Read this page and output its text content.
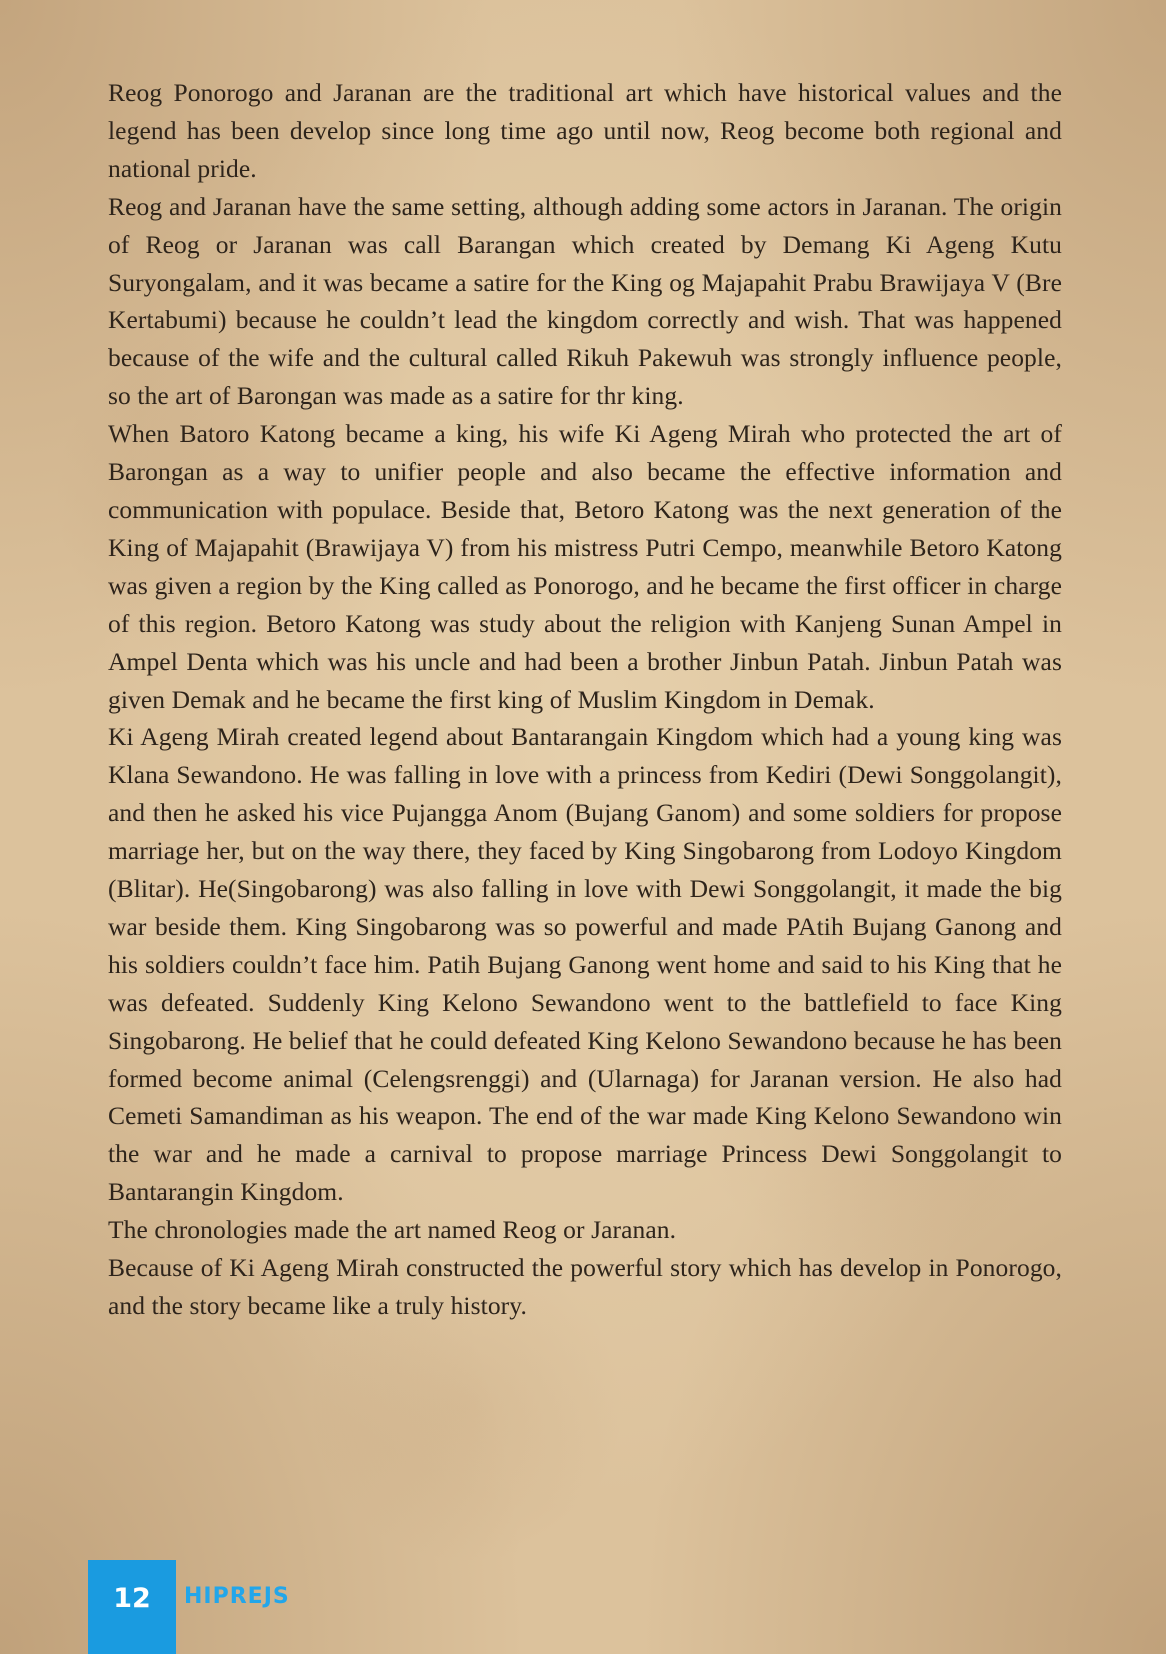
Reog Ponorogo and Jaranan are the traditional art which have historical values and the legend has been develop since long time ago until now, Reog become both regional and national pride.

Reog and Jaranan have the same setting, although adding some actors in Jaranan. The origin of Reog or Jaranan was call Barangan which created by Demang Ki Ageng Kutu Suryongalam, and it was became a satire for the King og Majapahit Prabu Brawijaya V (Bre Kertabumi) because he couldn’t lead the kingdom correctly and wish. That was happened because of the wife and the cultural called Rikuh Pakewuh was strongly influence people, so the art of Barongan was made as a satire for thr king.

When Batoro Katong became a king, his wife Ki Ageng Mirah who protected the art of Barongan as a way to unifier people and also became the effective information and communication with populace. Beside that, Betoro Katong was the next generation of the King of Majapahit (Brawijaya V) from his mistress Putri Cempo, meanwhile Betoro Katong was given a region by the King called as Ponorogo, and he became the first officer in charge of this region. Betoro Katong was study about the religion with Kanjeng Sunan Ampel in Ampel Denta which was his uncle and had been a brother Jinbun Patah. Jinbun Patah was given Demak and he became the first king of Muslim Kingdom in Demak.

Ki Ageng Mirah created legend about Bantarangain Kingdom which had a young king was Klana Sewandono. He was falling in love with a princess from Kediri (Dewi Songgolangit), and then he asked his vice Pujangga Anom (Bujang Ganom) and some soldiers for propose marriage her, but on the way there, they faced by King Singobarong from Lodoyo Kingdom (Blitar). He(Singobarong) was also falling in love with Dewi Songgolangit, it made the big war beside them. King Singobarong was so powerful and made PAtih Bujang Ganong and his soldiers couldn’t face him. Patih Bujang Ganong went home and said to his King that he was defeated. Suddenly King Kelono Sewandono went to the battlefield to face King Singobarong. He belief that he could defeated King Kelono Sewandono because he has been formed become animal (Celengsrenggi) and (Ularnaga) for Jaranan version. He also had Cemeti Samandiman as his weapon. The end of the war made King Kelono Sewandono win the war and he made a carnival to propose marriage Princess Dewi Songgolangit to Bantarangin Kingdom.

The chronologies made the art named Reog or Jaranan.

Because of Ki Ageng Mirah constructed the powerful story which has develop in Ponorogo, and the story became like a truly history.

12	HIPREJS
